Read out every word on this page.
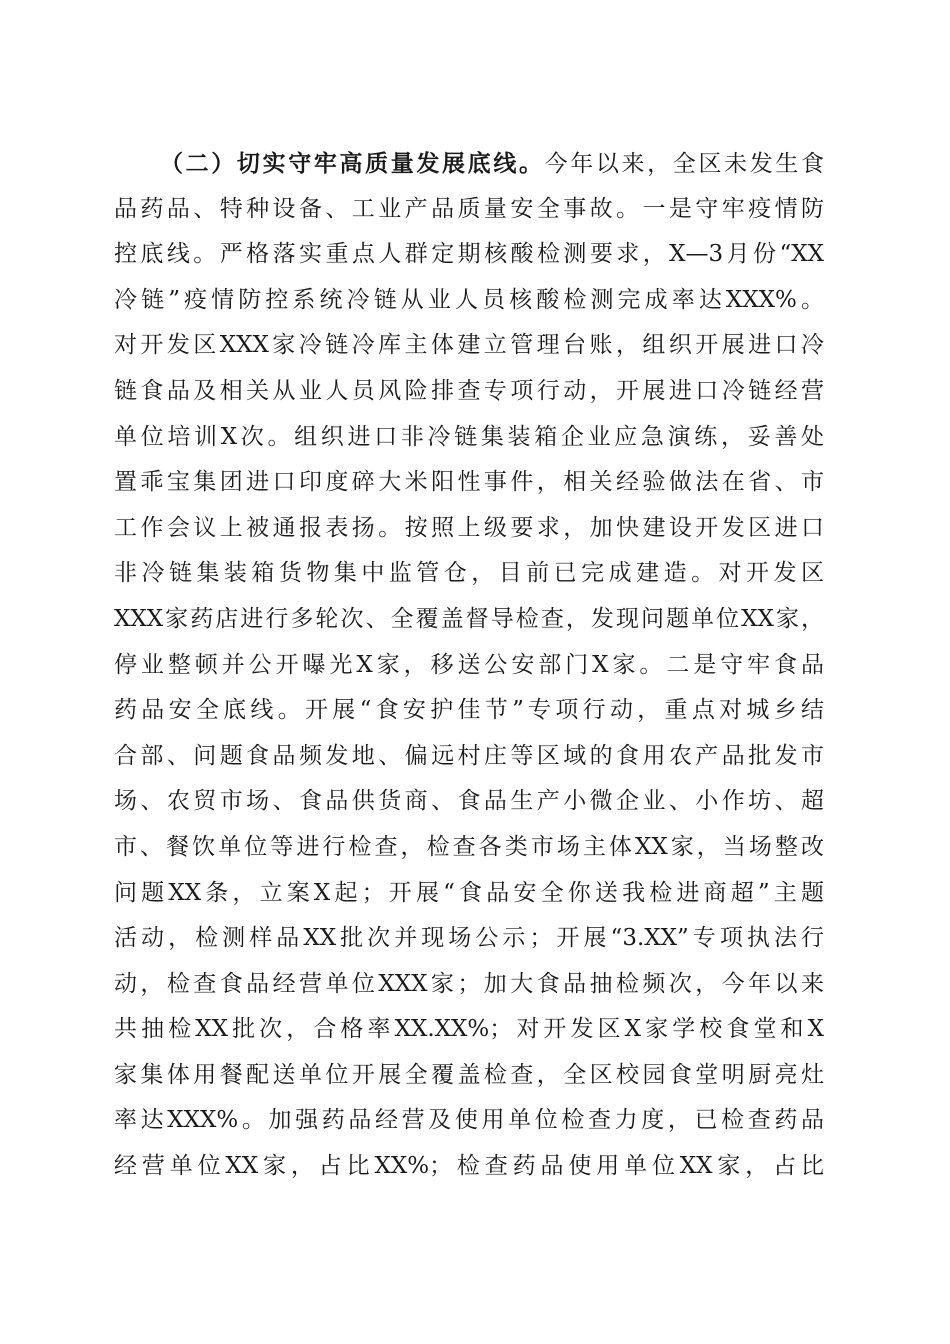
（二）切实守牢高质量发展底线。今年以来，全区未发生食
品药品、特种设备、工业产品质量安全事故。一是守牢疫情防
控底线。严格落实重点人群定期核酸检测要求，X—3月份“XX
冷链”疫情防控系统冷链从业人员核酸检测完成率达XXX%。
对开发区XXX家冷链冷库主体建立管理台账，组织开展进口冷
链食品及相关从业人员风险排查专项行动，开展进口冷链经营
单位培训X次。组织进口非冷链集装箱企业应急演练，妥善处
置乖宝集团进口印度碎大米阳性事件，相关经验做法在省、市
工作会议上被通报表扬。按照上级要求，加快建设开发区进口
非冷链集装箱货物集中监管仓，目前已完成建造。对开发区
XXX家药店进行多轮次、全覆盖督导检查，发现问题单位XX家，
停业整顿并公开曝光X家，移送公安部门X家。二是守牢食品
药品安全底线。开展“食安护佳节”专项行动，重点对城乡结
合部、问题食品频发地、偏远村庄等区域的食用农产品批发市
场、农贸市场、食品供货商、食品生产小微企业、小作坊、超
市、餐饮单位等进行检查，检查各类市场主体XX家，当场整改
问题XX条，立案X起；开展“食品安全你送我检进商超”主题
活动，检测样品XX批次并现场公示；开展“3.XX”专项执法行
动，检查食品经营单位XXX家；加大食品抽检频次，今年以来
共抽检XX批次，合格率XX.XX%；对开发区X家学校食堂和X
家集体用餐配送单位开展全覆盖检查，全区校园食堂明厨亮灶
率达XXX%。加强药品经营及使用单位检查力度，已检查药品
经营单位XX家，占比XX%；检查药品使用单位XX家，占比
